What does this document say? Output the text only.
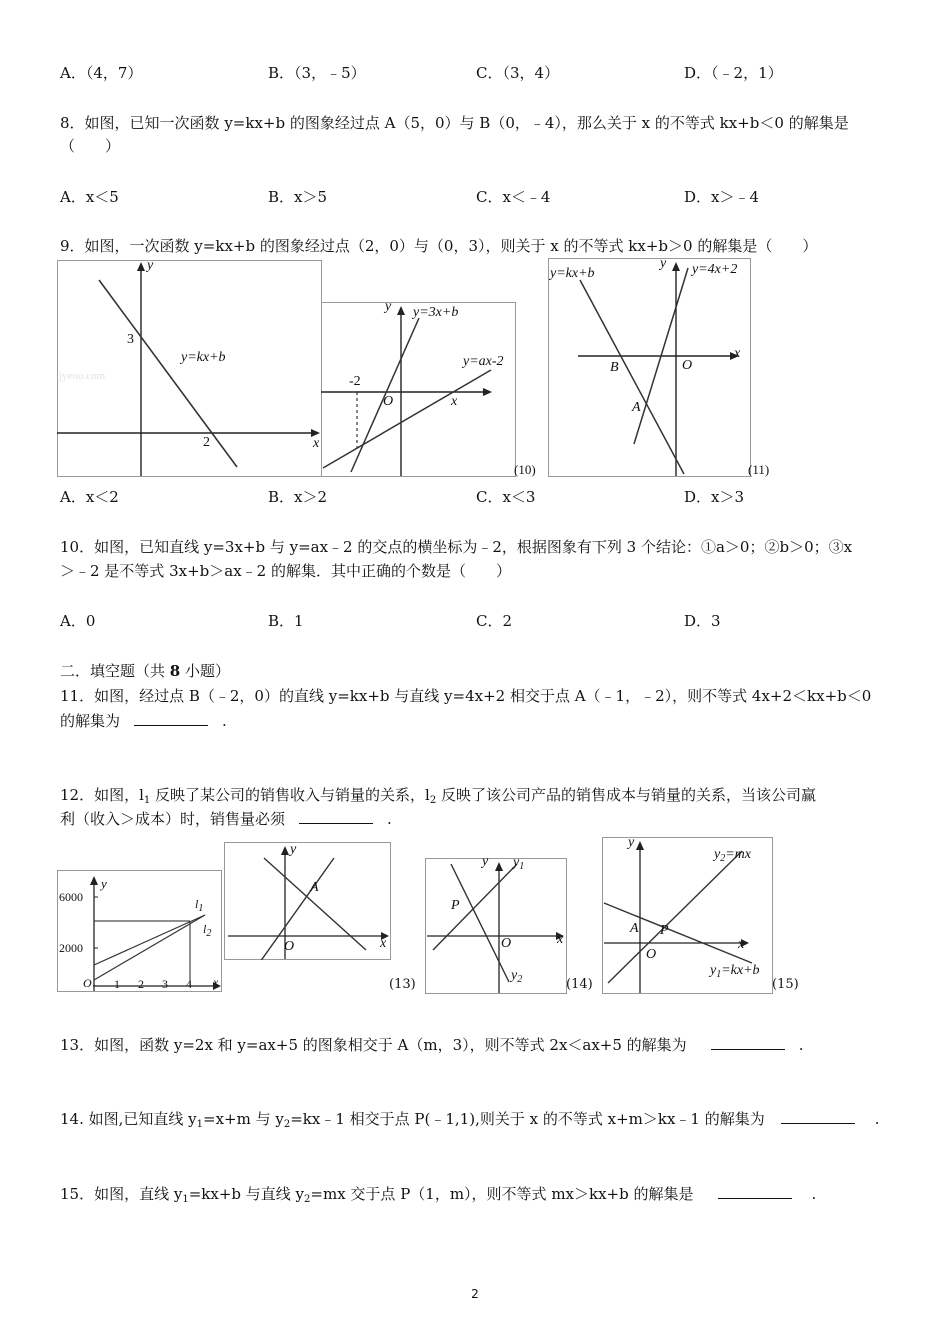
A．（4，7）	B．（3，﹣5）	C．（3，4）	D．（﹣2，1）
8．如图，已知一次函数 y=kx+b 的图象经过点 A（5，0）与 B（0，﹣4），那么关于 x 的不等式 kx+b＜0 的解集是
（　　）
A．x＜5	B．x＞5	C．x＜﹣4	D．x＞﹣4
9．如图，一次函数 y=kx+b 的图象经过点（2，0）与（0，3），则关于 x 的不等式 kx+b＞0 的解集是（　　）
y
x
3
2
y=kx+b
jyeoo.com
y y=3x+b
y=ax-2
x
-2
O
(10)
y=kx+b
y y=4x+2
x
B	O
A
(11)
A．x＜2	B．x＞2	C．x＜3	D．x＞3
10．如图，已知直线 y=3x+b 与 y=ax﹣2 的交点的横坐标为﹣2，根据图象有下列 3 个结论：①a＞0；②b＞0；③x
＞﹣2 是不等式 3x+b＞ax﹣2 的解集．其中正确的个数是（　　）
A．0	B．1	C．2	D．3
二．填空题（共 8 小题）
11．如图，经过点 B（﹣2，0）的直线 y=kx+b 与直线 y=4x+2 相交于点 A（﹣1，﹣2），则不等式 4x+2＜kx+b＜0
的解集为	.
12．如图，$l_1$ 反映了某公司的销售收入与销量的关系，$l_2$ 反映了该公司产品的销售成本与销量的关系，当该公司赢
利（收入＞成本）时，销售量必须	.
y
6000
2000
O 1 2 3 4 x
$l_1$
$l_2$
y
A
x
O
(13)
y $y_1$
P
O	x
$y_2$	(14)
y
$y_2=mx$
P
A
O
x
$y_1=kx+b$
(15)
13．如图，函数 y=2x 和 y=ax+5 的图象相交于 A（m，3），则不等式 2x＜ax+5 的解集为	.
14. 如图,已知直线 $y_1=x+m$ 与 $y_2=kx﹣1$ 相交于点 P(﹣1,1),则关于 x 的不等式 x+m＞kx﹣1 的解集为	.
15．如图，直线 $y_1=kx+b$ 与直线 $y_2=mx$ 交于点 P（1，m），则不等式 mx＞kx+b 的解集是	.
2
